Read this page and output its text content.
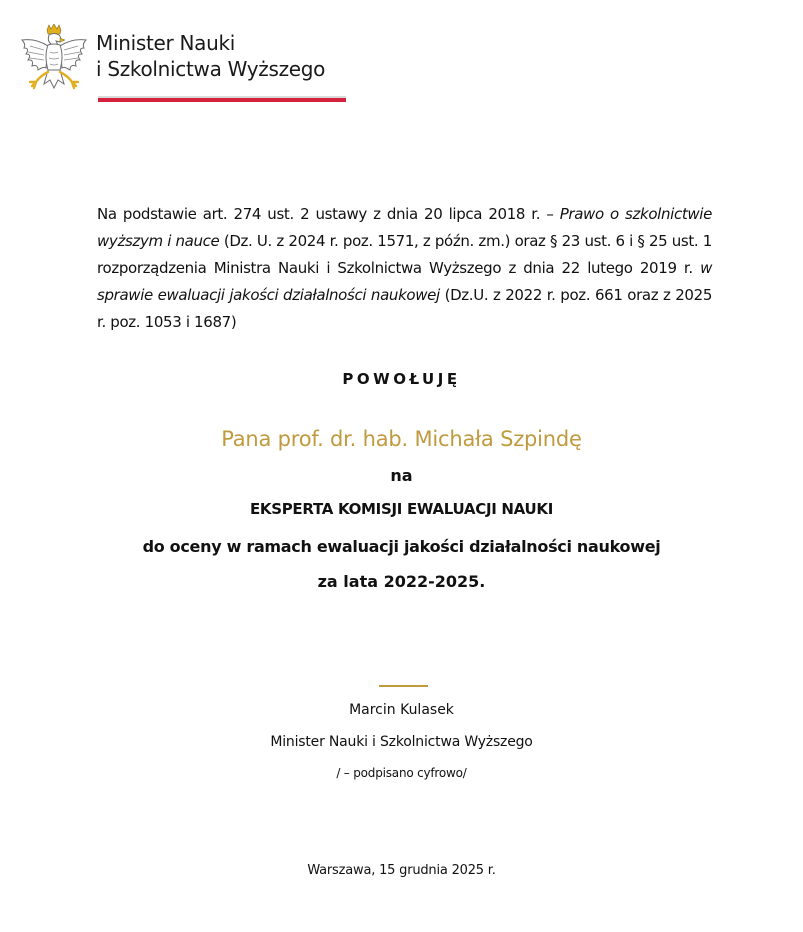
Minister Nauki
i Szkolnictwa Wyższego
Na podstawie art. 274 ust. 2 ustawy z dnia 20 lipca 2018 r. – Prawo o szkolnictwie wyższym i nauce (Dz. U. z 2024 r. poz. 1571, z późn. zm.) oraz § 23 ust. 6 i § 25 ust. 1 rozporządzenia Ministra Nauki i Szkolnictwa Wyższego z dnia 22 lutego 2019 r. w sprawie ewaluacji jakości działalności naukowej (Dz.U. z 2022 r. poz. 661 oraz z 2025 r. poz. 1053 i 1687)
POWOŁUJĘ
Pana prof. dr. hab. Michała Szpindę
na
EKSPERTA KOMISJI EWALUACJI NAUKI
do oceny w ramach ewaluacji jakości działalności naukowej
za lata 2022-2025.
Marcin Kulasek
Minister Nauki i Szkolnictwa Wyższego
/ – podpisano cyfrowo/
Warszawa, 15 grudnia 2025 r.
